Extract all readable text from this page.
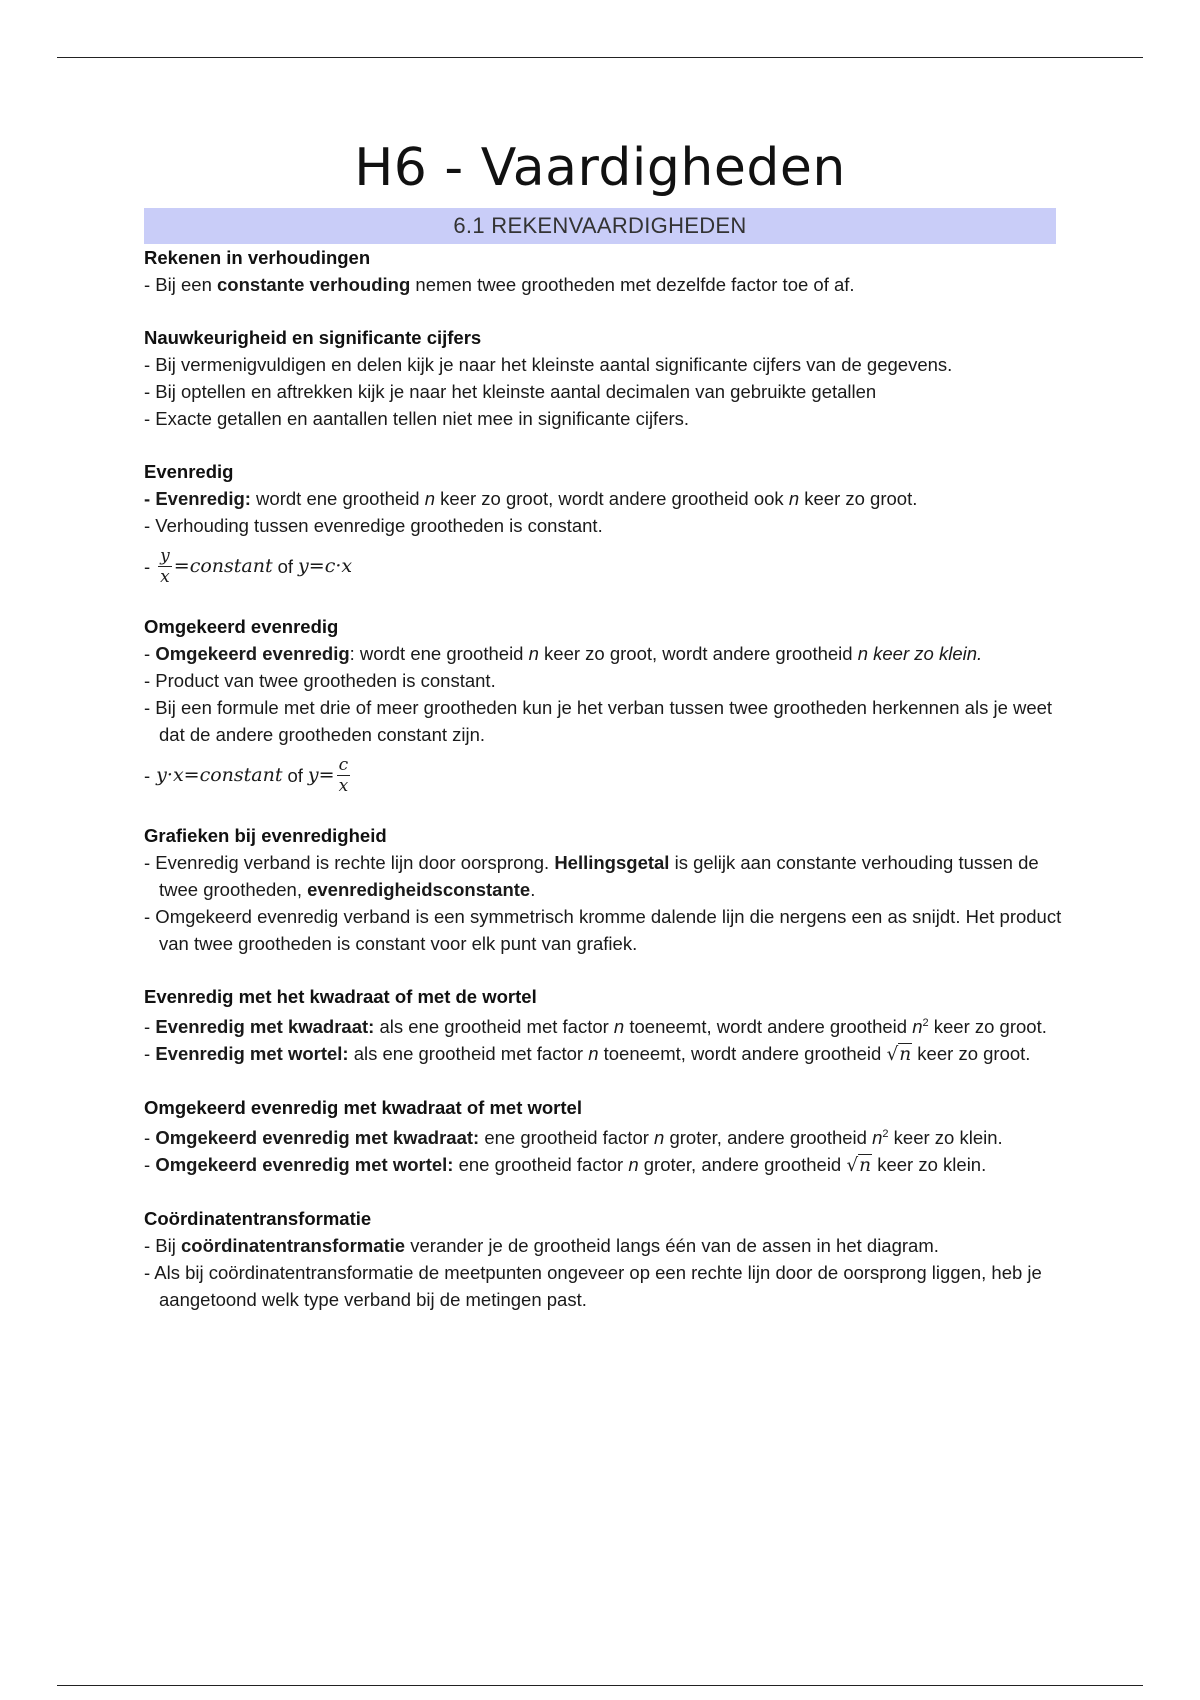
H6 - Vaardigheden
6.1 REKENVAARDIGHEDEN
Rekenen in verhoudingen
- Bij een constante verhouding nemen twee grootheden met dezelfde factor toe of af.
Nauwkeurigheid en significante cijfers
- Bij vermenigvuldigen en delen kijk je naar het kleinste aantal significante cijfers van de gegevens.
- Bij optellen en aftrekken kijk je naar het kleinste aantal decimalen van gebruikte getallen
- Exacte getallen en aantallen tellen niet mee in significante cijfers.
Evenredig
- Evenredig: wordt ene grootheid n keer zo groot, wordt andere grootheid ook n keer zo groot.
- Verhouding tussen evenredige grootheden is constant.
- $\frac{y}{x}$ =constant of y=c·x
Omgekeerd evenredig
- Omgekeerd evenredig: wordt ene grootheid n keer zo groot, wordt andere grootheid n keer zo klein.
- Product van twee grootheden is constant.
- Bij een formule met drie of meer grootheden kun je het verban tussen twee grootheden herkennen als je weet dat de andere grootheden constant zijn.
- y·x=constant of $y= \frac{c}{x}$
Grafieken bij evenredigheid
- Evenredig verband is rechte lijn door oorsprong. Hellingsgetal is gelijk aan constante verhouding tussen de twee grootheden, evenredigheidsconstante.
- Omgekeerd evenredig verband is een symmetrisch kromme dalende lijn die nergens een as snijdt. Het product van twee grootheden is constant voor elk punt van grafiek.
Evenredig met het kwadraat of met de wortel
- Evenredig met kwadraat: als ene grootheid met factor n toeneemt, wordt andere grootheid $n^2$ keer zo groot.
- Evenredig met wortel: als ene grootheid met factor n toeneemt, wordt andere grootheid √n keer zo groot.
Omgekeerd evenredig met kwadraat of met wortel
- Omgekeerd evenredig met kwadraat: ene grootheid factor n groter, andere grootheid $n^2$ keer zo klein.
- Omgekeerd evenredig met wortel: ene grootheid factor n groter, andere grootheid √n keer zo klein.
Coördinatentransformatie
- Bij coördinatentransformatie verander je de grootheid langs één van de assen in het diagram.
- Als bij coördinatentransformatie de meetpunten ongeveer op een rechte lijn door de oorsprong liggen, heb je aangetoond welk type verband bij de metingen past.
